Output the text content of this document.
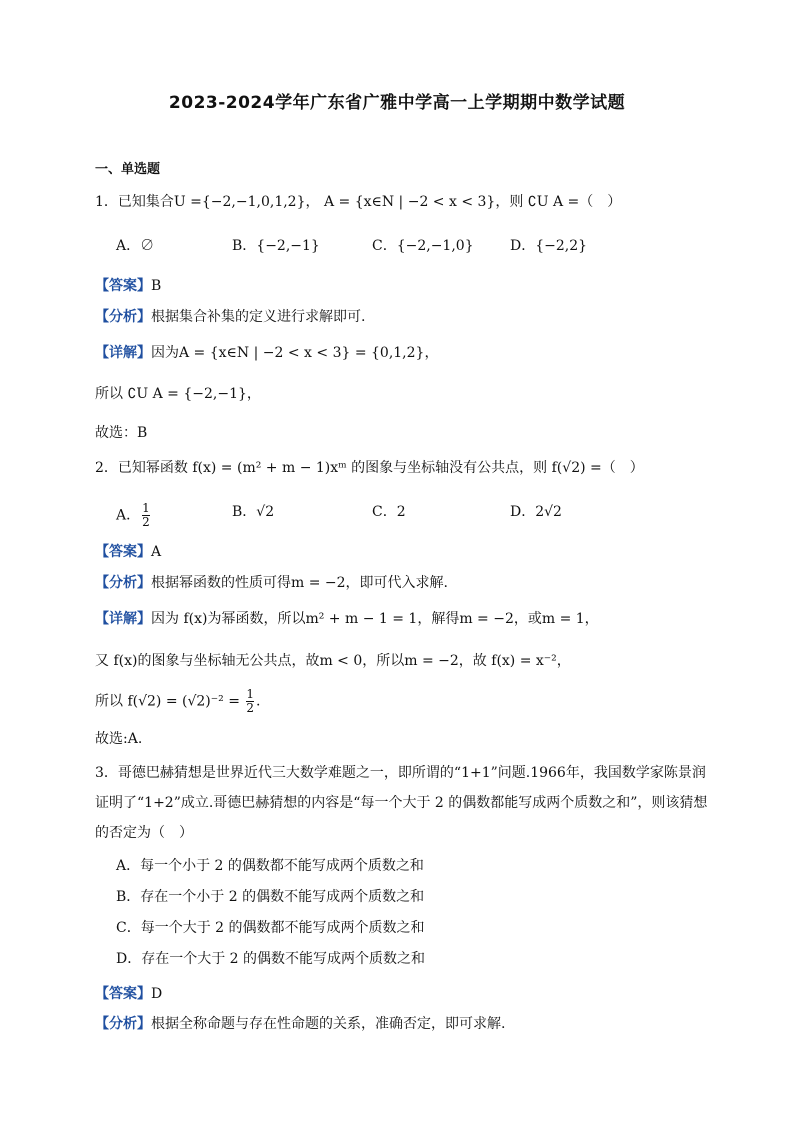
2023-2024学年广东省广雅中学高一上学期期中数学试题
一、单选题
1．已知集合U ={−2,−1,0,1,2}， A = {x∈N | −2 < x < 3}，则 ∁U A =（　）
A．∅	B．{−2,−1}	C．{−2,−1,0}	D．{−2,2}
【答案】B
【分析】根据集合补集的定义进行求解即可.
【详解】因为A = {x∈N | −2 < x < 3} = {0,1,2}，
所以 ∁U A = {−2,−1}，
故选：B
2．已知幂函数 f(x) = (m² + m − 1)xᵐ 的图象与坐标轴没有公共点，则 f(√2) =（　）
A． $\frac{1}{2}$	B．√2	C．2	D．2√2
【答案】A
【分析】根据幂函数的性质可得m = −2，即可代入求解.
【详解】因为 f(x)为幂函数，所以m² + m − 1 = 1，解得m = −2，或m = 1，
又 f(x)的图象与坐标轴无公共点，故m < 0，所以m = −2，故 f(x) = x⁻²，
所以 $f(√2) = (√2)^{-2} = \frac{1}{2}$ .
故选:A.
3．哥德巴赫猜想是世界近代三大数学难题之一，即所谓的“1+1”问题.1966年，我国数学家陈景润
证明了“1+2”成立.哥德巴赫猜想的内容是“每一个大于 2 的偶数都能写成两个质数之和”，则该猜想
的否定为（　）
A．每一个小于 2 的偶数都不能写成两个质数之和
B．存在一个小于 2 的偶数不能写成两个质数之和
C．每一个大于 2 的偶数都不能写成两个质数之和
D．存在一个大于 2 的偶数不能写成两个质数之和
【答案】D
【分析】根据全称命题与存在性命题的关系，准确否定，即可求解.
